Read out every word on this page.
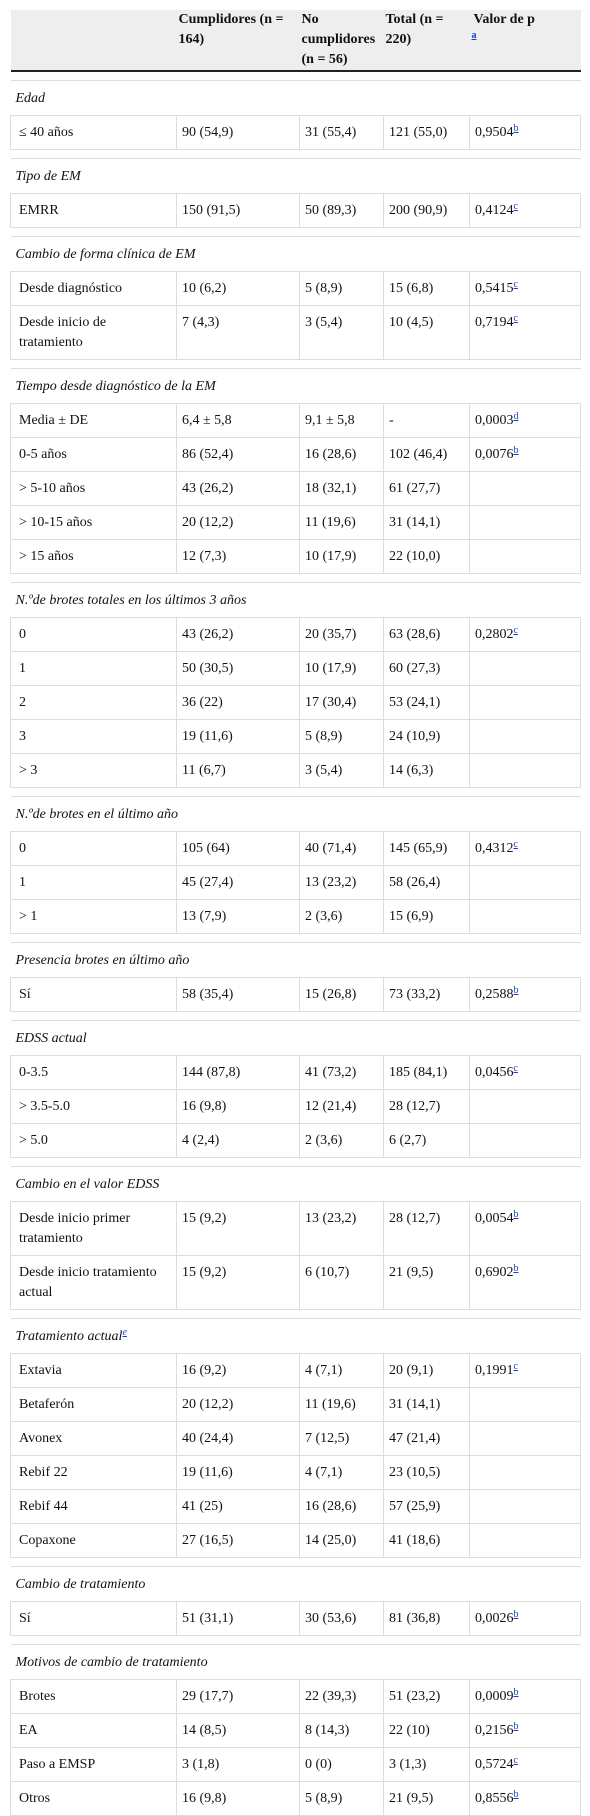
	Cumplidores (n = 164)	No cumplidores (n = 56)	Total (n = 220)	Valor de p
$^a$

Edad				
≤ 40 años	90 (54,9)	31 (55,4)	121 (55,0)	0,9504$^b$

Tipo de EM				
EMRR	150 (91,5)	50 (89,3)	200 (90,9)	0,4124$^c$

Cambio de forma clínica de EM				
Desde diagnóstico	10 (6,2)	5 (8,9)	15 (6,8)	0,5415$^c$
Desde inicio de tratamiento	7 (4,3)	3 (5,4)	10 (4,5)	0,7194$^c$

Tiempo desde diagnóstico de la EM				
Media ± DE	6,4 ± 5,8	9,1 ± 5,8	-	0,0003$^d$
0-5 años	86 (52,4)	16 (28,6)	102 (46,4)	0,0076$^b$
> 5-10 años	43 (26,2)	18 (32,1)	61 (27,7)	
> 10-15 años	20 (12,2)	11 (19,6)	31 (14,1)	
> 15 años	12 (7,3)	10 (17,9)	22 (10,0)	

N.ºde brotes totales en los últimos 3 años				
0	43 (26,2)	20 (35,7)	63 (28,6)	0,2802$^c$
1	50 (30,5)	10 (17,9)	60 (27,3)	
2	36 (22)	17 (30,4)	53 (24,1)	
3	19 (11,6)	5 (8,9)	24 (10,9)	
> 3	11 (6,7)	3 (5,4)	14 (6,3)	

N.ºde brotes en el último año				
0	105 (64)	40 (71,4)	145 (65,9)	0,4312$^c$
1	45 (27,4)	13 (23,2)	58 (26,4)	
> 1	13 (7,9)	2 (3,6)	15 (6,9)	

Presencia brotes en último año				
Sí	58 (35,4)	15 (26,8)	73 (33,2)	0,2588$^b$

EDSS actual				
0-3.5	144 (87,8)	41 (73,2)	185 (84,1)	0,0456$^c$
> 3.5-5.0	16 (9,8)	12 (21,4)	28 (12,7)	
> 5.0	4 (2,4)	2 (3,6)	6 (2,7)	

Cambio en el valor EDSS				
Desde inicio primer tratamiento	15 (9,2)	13 (23,2)	28 (12,7)	0,0054$^b$
Desde inicio tratamiento actual	15 (9,2)	6 (10,7)	21 (9,5)	0,6902$^b$

Tratamiento actual$^e$
Extavia	16 (9,2)	4 (7,1)	20 (9,1)	0,1991$^c$
Betaferón	20 (12,2)	11 (19,6)	31 (14,1)	
Avonex	40 (24,4)	7 (12,5)	47 (21,4)	
Rebif 22	19 (11,6)	4 (7,1)	23 (10,5)	
Rebif 44	41 (25)	16 (28,6)	57 (25,9)	
Copaxone	27 (16,5)	14 (25,0)	41 (18,6)	

Cambio de tratamiento				
Sí	51 (31,1)	30 (53,6)	81 (36,8)	0,0026$^b$

Motivos de cambio de tratamiento				
Brotes	29 (17,7)	22 (39,3)	51 (23,2)	0,0009$^b$
EA	14 (8,5)	8 (14,3)	22 (10)	0,2156$^b$
Paso a EMSP	3 (1,8)	0 (0)	3 (1,3)	0,5724$^c$
Otros	16 (9,8)	5 (8,9)	21 (9,5)	0,8556$^b$
